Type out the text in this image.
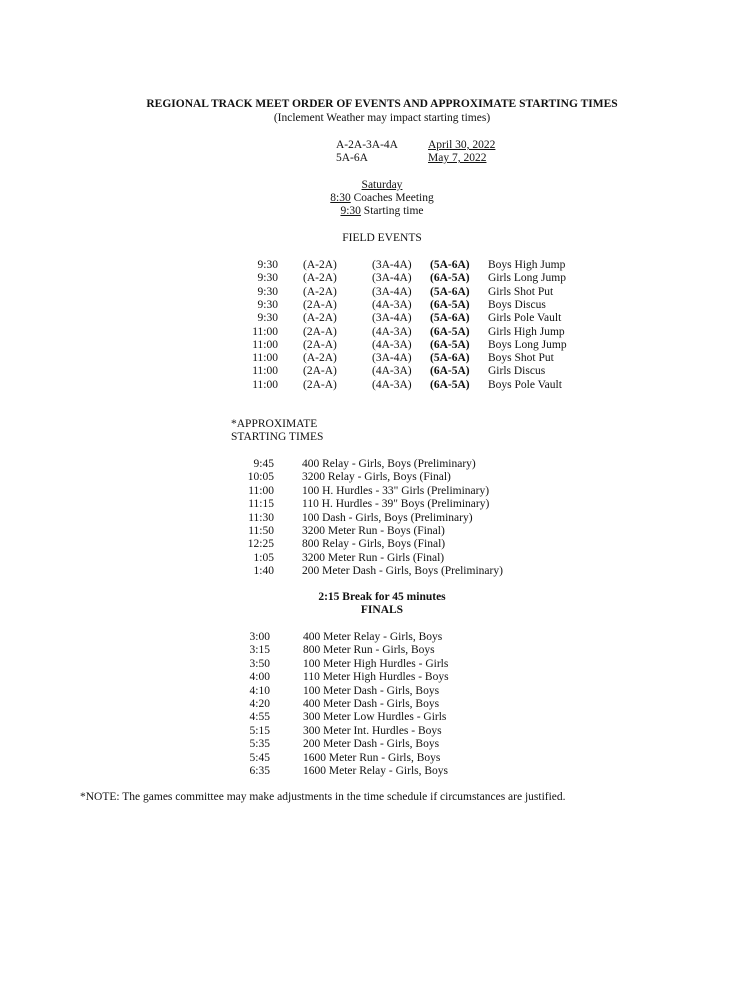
REGIONAL TRACK MEET ORDER OF EVENTS AND APPROXIMATE STARTING TIMES
(Inclement Weather may impact starting times)
A-2A-3A-4A	April 30, 2022
5A-6A	May 7, 2022
Saturday
8:30 Coaches Meeting
9:30 Starting time
FIELD EVENTS
9:30 (A-2A)	(3A-4A) (5A-6A) Boys High Jump
9:30 (A-2A)	(3A-4A) (6A-5A) Girls Long Jump
9:30 (A-2A)	(3A-4A) (5A-6A) Girls Shot Put
9:30 (2A-A)	(4A-3A) (6A-5A) Boys Discus
9:30 (A-2A)	(3A-4A) (5A-6A) Girls Pole Vault
11:00 (2A-A)	(4A-3A) (6A-5A) Girls High Jump
11:00 (2A-A)	(4A-3A) (6A-5A) Boys Long Jump
11:00 (A-2A)	(3A-4A) (5A-6A) Boys Shot Put
11:00 (2A-A)	(4A-3A) (6A-5A) Girls Discus
11:00 (2A-A)	(4A-3A) (6A-5A) Boys Pole Vault
*APPROXIMATE
STARTING TIMES
9:45 400 Relay - Girls, Boys (Preliminary)
10:05 3200 Relay - Girls, Boys (Final)
11:00 100 H. Hurdles - 33" Girls (Preliminary)
11:15 110 H. Hurdles - 39" Boys (Preliminary)
11:30 100 Dash - Girls, Boys (Preliminary)
11:50 3200 Meter Run - Boys (Final)
12:25 800 Relay - Girls, Boys (Final)
1:05 3200 Meter Run - Girls (Final)
1:40 200 Meter Dash - Girls, Boys (Preliminary)
2:15 Break for 45 minutes
FINALS
3:00	400 Meter Relay - Girls, Boys
3:15	800 Meter Run - Girls, Boys
3:50	100 Meter High Hurdles - Girls
4:00	110 Meter High Hurdles - Boys
4:10	100 Meter Dash - Girls, Boys
4:20	400 Meter Dash - Girls, Boys
4:55	300 Meter Low Hurdles - Girls
5:15	300 Meter Int. Hurdles - Boys
5:35	200 Meter Dash - Girls, Boys
5:45	1600 Meter Run - Girls, Boys
6:35	1600 Meter Relay - Girls, Boys
*NOTE: The games committee may make adjustments in the time schedule if circumstances are justified.
